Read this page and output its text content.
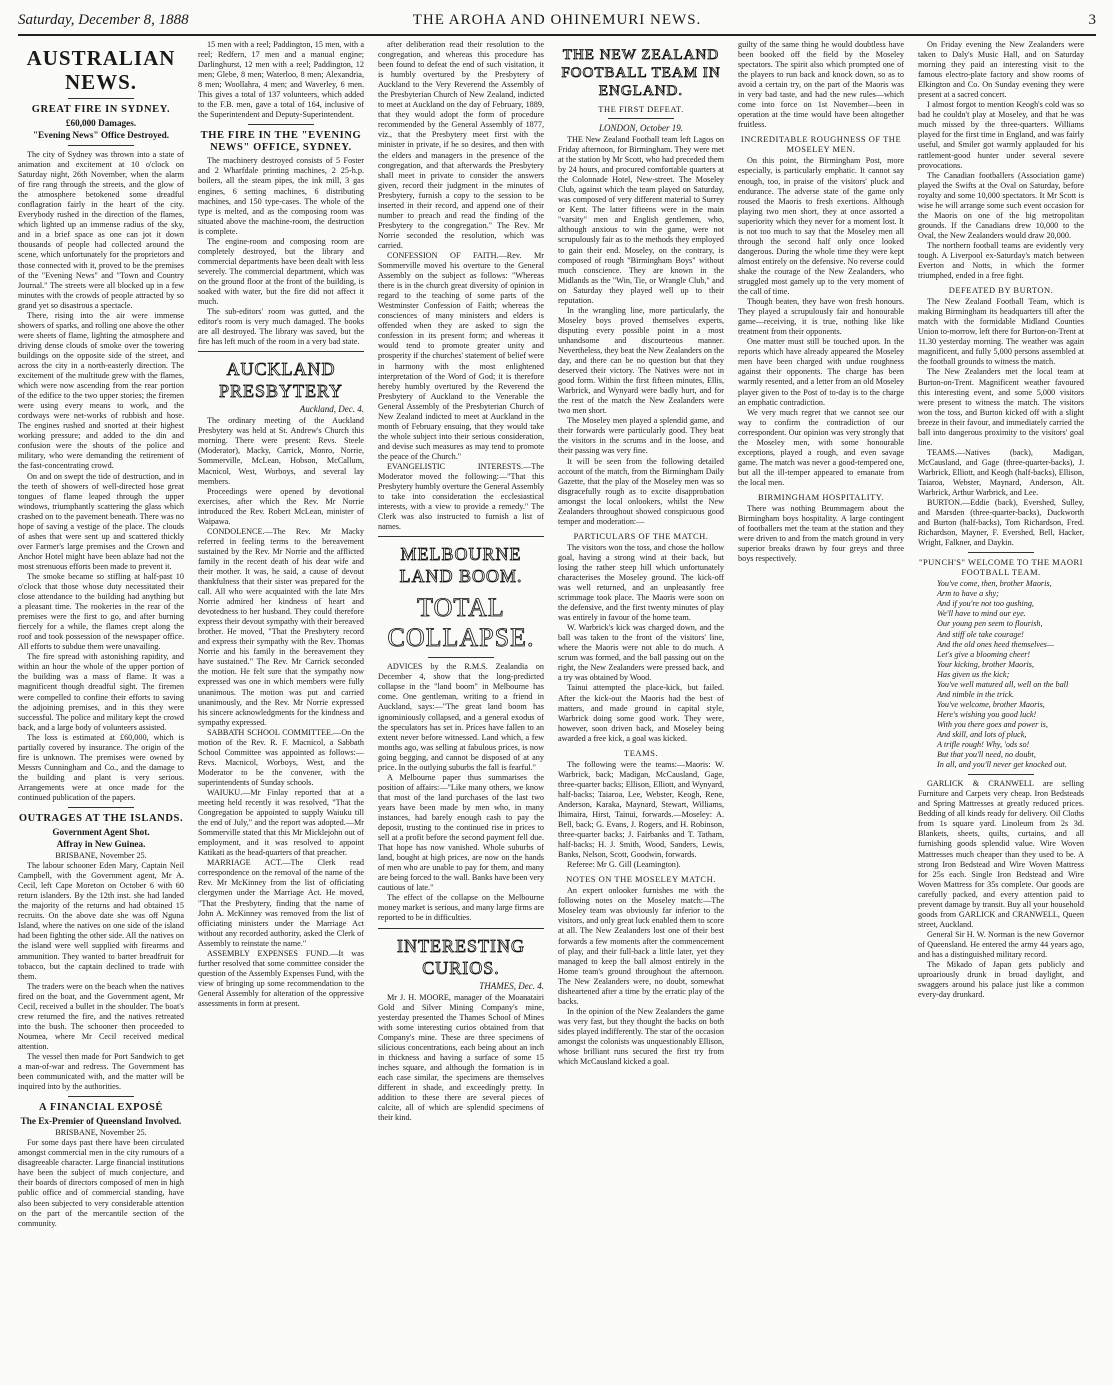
Saturday, December 8, 1888	THE AROHA AND OHINEMURI NEWS.	3
AUSTRALIAN NEWS.
GREAT FIRE IN SYDNEY.
£60,000 Damages.
"Evening News" Office Destroyed.

The city of Sydney was thrown into a state of animation and excitement at 10 o'clock on Saturday night, 26th November, when the alarm of fire rang through the streets, and the glow of the atmosphere betokened some dreadful conflagration fairly in the heart of the city. Everybody rushed in the direction of the flames, which lighted up an immense radius of the sky, and in a brief space as one can jot it down thousands of people had collected around the scene, which unfortunately for the proprietors and those connected with it, proved to be the premises of the "Evening News" and "Town and Country Journal." The streets were all blocked up in a few minutes with the crowds of people attracted by so grand yet so disastrous a spectacle.

There, rising into the air were immense showers of sparks, and rolling one above the other were sheets of flame, lighting the atmosphere and driving dense clouds of smoke over the towering buildings on the opposite side of the street, and across the city in a north-easterly direction. The excitement of the multitude grew with the flames, which were now ascending from the rear portion of the edifice to the two upper stories; the firemen were using every means to work, and the cordways were net-works of rubbish and hose. The engines rushed and snorted at their highest working pressure; and added to the din and confusion were the shouts of the police and military, who were demanding the retirement of the fast-concentrating crowd.

On and on swept the tide of destruction, and in the teeth of showers of well-directed hose great tongues of flame leaped through the upper windows, triumphantly scattering the glass which crashed on to the pavement beneath. There was no hope of saving a vestige of the place. The clouds of ashes that were sent up and scattered thickly over Farmer's large premises and the Crown and Anchor Hotel might have been ablaze had not the most strenuous efforts been made to prevent it.

The smoke became so stifling at half-past 10 o'clock that those whose duty necessitated their close attendance to the building had anything but a pleasant time. The rookeries in the rear of the premises were the first to go, and after burning fiercely for a while, the flames crept along the roof and took possession of the newspaper office. All efforts to subdue them were unavailing.

The fire spread with astonishing rapidity, and within an hour the whole of the upper portion of the building was a mass of flame. It was a magnificent though dreadful sight. The firemen were compelled to confine their efforts to saving the adjoining premises, and in this they were successful. The police and military kept the crowd back, and a large body of volunteers assisted.

The loss is estimated at £60,000, which is partially covered by insurance. The origin of the fire is unknown. The premises were owned by Messrs Cunningham and Co., and the damage to the building and plant is very serious. Arrangements were at once made for the continued publication of the papers.

OUTRAGES AT THE ISLANDS.
Government Agent Shot.
Affray in New Guinea.

BRISBANE, November 25.

The labour schooner Eden Mary, Captain Neil Campbell, with the Government agent, Mr A. Cecil, left Cape Moreton on October 6 with 60 return islanders. By the 12th inst. she had landed the majority of the returns and had obtained 15 recruits. On the above date she was off Nguna Island, where the natives on one side of the island had been fighting the other side. All the natives on the island were well supplied with firearms and ammunition. They wanted to barter breadfruit for tobacco, but the captain declined to trade with them.

The traders were on the beach when the natives fired on the boat, and the Government agent, Mr Cecil, received a bullet in the shoulder. The boat's crew returned the fire, and the natives retreated into the bush. The schooner then proceeded to Noumea, where Mr Cecil received medical attention.

The vessel then made for Port Sandwich to get a man-of-war and redress. The Government has been communicated with, and the matter will be inquired into by the authorities.

A FINANCIAL EXPOSÉ
The Ex-Premier of Queensland Involved.

BRISBANE, November 25.

For some days past there have been circulated amongst commercial men in the city rumours of a disagreeable character. Large financial institutions have been the subject of much conjecture, and their boards of directors composed of men in high public office and of commercial standing, have also been subjected to very considerable attention on the part of the mercantile section of the community.

15 men with a reel; Paddington, 15 men, with a reel; Redfern, 17 men and a manual engine; Darlinghurst, 12 men with a reel; Paddington, 12 men; Glebe, 8 men; Waterloo, 8 men; Alexandria, 8 men; Woollahra, 4 men; and Waverley, 6 men. This gives a total of 137 volunteers, which added to the F.B. men, gave a total of 164, inclusive of the Superintendent and Deputy-Superintendent.

THE FIRE IN THE "EVENING NEWS" OFFICE, SYDNEY.

The machinery destroyed consists of 5 Foster and 2 Wharfdale printing machines, 2 25-h.p. boilers, all the steam pipes, the ink mill, 3 gas engines, 6 setting machines, 6 distributing machines, and 150 type-cases. The whole of the type is melted, and as the composing room was situated above the machine-room, the destruction is complete.

The engine-room and composing room are completely destroyed, but the library and commercial departments have been dealt with less severely. The commercial department, which was on the ground floor at the front of the building, is soaked with water, but the fire did not affect it much.

The sub-editors' room was gutted, and the editor's room is very much damaged. The books are all destroyed. The library was saved, but the fire has left much of the room in a very bad state.

AUCKLAND PRESBYTERY
Auckland, Dec. 4.

The ordinary meeting of the Auckland Presbytery was held at St. Andrew's Church this morning. There were present: Revs. Steele (Moderator), Macky, Carrick, Monro, Norrie, Sommerville, McLean, Hobson, McCallum, Macnicol, West, Worboys, and several lay members.

Proceedings were opened by devotional exercises, after which the Rev. Mr Norrie introduced the Rev. Robert McLean, minister of Waipawa.

CONDOLENCE.—The Rev. Mr Macky referred in feeling terms to the bereavement sustained by the Rev. Mr Norrie and the afflicted family in the recent death of his dear wife and their mother. It was, he said, a cause of devout thankfulness that their sister was prepared for the call. All who were acquainted with the late Mrs Norrie admired her kindness of heart and devotedness to her husband. They could therefore express their devout sympathy with their bereaved brother. He moved, "That the Presbytery record and express their sympathy with the Rev. Thomas Norrie and his family in the bereavement they have sustained." The Rev. Mr Carrick seconded the motion. He felt sure that the sympathy now expressed was one in which members were fully unanimous. The motion was put and carried unanimously, and the Rev. Mr Norrie expressed his sincere acknowledgments for the kindness and sympathy expressed.

SABBATH SCHOOL COMMITTEE.—On the motion of the Rev. R. F. Macnicol, a Sabbath School Committee was appointed as follows:—Revs. Macnicol, Worboys, West, and the Moderator to be the convener, with the superintendents of Sunday schools.

WAIUKU.—Mr Finlay reported that at a meeting held recently it was resolved, "That the Congregation be appointed to supply Waiuku till the end of July," and the report was adopted.—Mr Sommerville stated that this Mr Micklejohn out of employment, and it was resolved to appoint Katikati as the head-quarters of that preacher.

MARRIAGE ACT.—The Clerk read correspondence on the removal of the name of the Rev. Mr McKinney from the list of officiating clergymen under the Marriage Act. He moved, "That the Presbytery, finding that the name of John A. McKinney was removed from the list of officiating ministers under the Marriage Act without any recorded authority, asked the Clerk of Assembly to reinstate the name."

ASSEMBLY EXPENSES FUND.—It was further resolved that some committee consider the question of the Assembly Expenses Fund, with the view of bringing up some recommendation to the General Assembly for alteration of the oppressive assessments in form at present.

after deliberation read their resolution to the congregation, and whereas this procedure has been found to defeat the end of such visitation, it is humbly overtured by the Presbytery of Auckland to the Very Reverend the Assembly of the Presbyterian Church of New Zealand, indicted to meet at Auckland on the day of February, 1889, that they would adopt the form of procedure recommended by the General Assembly of 1877, viz., that the Presbytery meet first with the minister in private, if he so desires, and then with the elders and managers in the presence of the congregation, and that afterwards the Presbytery shall meet in private to consider the answers given, record their judgment in the minutes of Presbytery, furnish a copy to the session to be inserted in their record, and append one of their number to preach and read the finding of the Presbytery to the congregation." The Rev. Mr Norrie seconded the resolution, which was carried.

CONFESSION OF FAITH.—Rev. Mr Sommerville moved his overture to the General Assembly on the subject as follows: "Whereas there is in the church great diversity of opinion in regard to the teaching of some parts of the Westminster Confession of Faith; whereas the consciences of many ministers and elders is offended when they are asked to sign the confession in its present form; and whereas it would tend to promote greater unity and prosperity if the churches' statement of belief were in harmony with the most enlightened interpretation of the Word of God; it is therefore hereby humbly overtured by the Reverend the Presbytery of Auckland to the Venerable the General Assembly of the Presbyterian Church of New Zealand indicted to meet at Auckland in the month of February ensuing, that they would take the whole subject into their serious consideration, and devise such measures as may tend to promote the peace of the Church."

EVANGELISTIC INTERESTS.—The Moderator moved the following:—"That this Presbytery humbly overture the General Assembly to take into consideration the ecclesiastical interests, with a view to provide a remedy." The Clerk was also instructed to furnish a list of names.

MELBOURNE LAND BOOM.
TOTAL COLLAPSE.

ADVICES by the R.M.S. Zealandia on December 4, show that the long-predicted collapse in the "land boom" in Melbourne has come. One gentleman, writing to a friend in Auckland, says:—"The great land boom has ignominiously collapsed, and a general exodus of the speculators has set in. Prices have fallen to an extent never before witnessed. Land which, a few months ago, was selling at fabulous prices, is now going begging, and cannot be disposed of at any price. In the outlying suburbs the fall is fearful."

A Melbourne paper thus summarises the position of affairs:—"Like many others, we know that most of the land purchases of the last two years have been made by men who, in many instances, had barely enough cash to pay the deposit, trusting to the continued rise in prices to sell at a profit before the second payment fell due. That hope has now vanished. Whole suburbs of land, bought at high prices, are now on the hands of men who are unable to pay for them, and many are being forced to the wall. Banks have been very cautious of late."

The effect of the collapse on the Melbourne money market is serious, and many large firms are reported to be in difficulties.

INTERESTING CURIOS.
THAMES, Dec. 4.

Mr J. H. MOORE, manager of the Moanatairi Gold and Silver Mining Company's mine, yesterday presented the Thames School of Mines with some interesting curios obtained from that Company's mine. These are three specimens of silicious concentrations, each being about an inch in thickness and having a surface of some 15 inches square, and although the formation is in each case similar, the specimens are themselves different in shade, and exceedingly pretty. In addition to these there are several pieces of calcite, all of which are splendid specimens of their kind.

THE NEW ZEALAND FOOTBALL TEAM IN ENGLAND.
THE FIRST DEFEAT.
LONDON, October 19.

THE New Zealand Football team left Lagos on Friday afternoon, for Birmingham. They were met at the station by Mr Scott, who had preceded them by 24 hours, and procured comfortable quarters at the Colonnade Hotel, New-street. The Moseley Club, against which the team played on Saturday, was composed of very different material to Surrey or Kent. The latter fifteens were in the main "varsity" men and English gentlemen, who, although anxious to win the game, were not scrupulously fair as to the methods they employed to gain their end. Moseley, on the contrary, is composed of rough "Birmingham Boys" without much conscience. They are known in the Midlands as the "Win, Tie, or Wrangle Club," and on Saturday they played well up to their reputation.

In the wrangling line, more particularly, the Moseley boys proved themselves experts, disputing every possible point in a most unhandsome and discourteous manner. Nevertheless, they beat the New Zealanders on the day, and there can be no question but that they deserved their victory. The Natives were not in good form. Within the first fifteen minutes, Ellis, Warbrick, and Wynyard were badly hurt, and for the rest of the match the New Zealanders were two men short.

The Moseley men played a splendid game, and their forwards were particularly good. They beat the visitors in the scrums and in the loose, and their passing was very fine.

It will be seen from the following detailed account of the match, from the Birmingham Daily Gazette, that the play of the Moseley men was so disgracefully rough as to excite disapprobation amongst the local onlookers, whilst the New Zealanders throughout showed conspicuous good temper and moderation:—

PARTICULARS OF THE MATCH.

The visitors won the toss, and chose the hollow goal, having a strong wind at their back, but losing the rather steep hill which unfortunately characterises the Moseley ground. The kick-off was well returned, and an unpleasantly free scrimmage took place. The Maoris were soon on the defensive, and the first twenty minutes of play was entirely in favour of the home team.

W. Warbrick's kick was charged down, and the ball was taken to the front of the visitors' line, where the Maoris were not able to do much. A scrum was formed, and the ball passing out on the right, the New Zealanders were pressed back, and a try was obtained by Wood.

Tainui attempted the place-kick, but failed. After the kick-out the Maoris had the best of matters, and made ground in capital style, Warbrick doing some good work. They were, however, soon driven back, and Moseley being awarded a free kick, a goal was kicked.

TEAMS.

The following were the teams:—Maoris: W. Warbrick, back; Madigan, McCausland, Gage, three-quarter backs; Ellison, Elliott, and Wynyard, half-backs; Taiaroa, Lee, Webster, Keogh, Rene, Anderson, Karaka, Maynard, Stewart, Williams, Ihimaira, Hirst, Tainui, forwards.—Moseley: A. Bell, back; G. Evans, J. Rogers, and H. Robinson, three-quarter backs; J. Fairbanks and T. Tatham, half-backs; H. J. Smith, Wood, Sanders, Lewis, Banks, Nelson, Scott, Goodwin, forwards.

Referee: Mr G. Gill (Leamington).

NOTES ON THE MOSELEY MATCH.

An expert onlooker furnishes me with the following notes on the Moseley match:—The Moseley team was obviously far inferior to the visitors, and only great luck enabled them to score at all. The New Zealanders lost one of their best forwards a few moments after the commencement of play, and their full-back a little later, yet they managed to keep the ball almost entirely in the Home team's ground throughout the afternoon. The New Zealanders were, no doubt, somewhat disheartened after a time by the erratic play of the backs.

In the opinion of the New Zealanders the game was very fast, but they thought the backs on both sides played indifferently. The star of the occasion amongst the colonists was unquestionably Ellison, whose brilliant runs secured the first try from which McCausland kicked a goal.

guilty of the same thing he would doubtless have been booked off the field by the Moseley spectators. The spirit also which prompted one of the players to run back and knock down, so as to avoid a certain try, on the part of the Maoris was in very bad taste, and had the new rules—which come into force on 1st November—been in operation at the time would have been altogether fruitless.

INCREDITABLE ROUGHNESS OF THE MOSELEY MEN.

On this point, the Birmingham Post, more especially, is particularly emphatic. It cannot say enough, too, in praise of the visitors' pluck and endurance. The adverse state of the game only roused the Maoris to fresh exertions. Although playing two men short, they at once assorted a superiority which they never for a moment lost. It is not too much to say that the Moseley men all through the second half only once looked dangerous. During the whole time they were kept almost entirely on the defensive. No reverse could shake the courage of the New Zealanders, who struggled most gamely up to the very moment of the call of time.

Though beaten, they have won fresh honours. They played a scrupulously fair and honourable game—receiving, it is true, nothing like like treatment from their opponents.

One matter must still be touched upon. In the reports which have already appeared the Moseley men have been charged with undue roughness against their opponents. The charge has been warmly resented, and a letter from an old Moseley player given to the Post of to-day is to the charge an emphatic contradiction.

We very much regret that we cannot see our way to confirm the contradiction of our correspondent. Our opinion was very strongly that the Moseley men, with some honourable exceptions, played a rough, and even savage game. The match was never a good-tempered one, but all the ill-temper appeared to emanate from the local men.

BIRMINGHAM HOSPITALITY.

There was nothing Brummagem about the Birmingham boys hospitality. A large contingent of footballers met the team at the station and they were driven to and from the match ground in very superior breaks drawn by four greys and three boys respectively.

On Friday evening the New Zealanders were taken to Daly's Music Hall, and on Saturday morning they paid an interesting visit to the famous electro-plate factory and show rooms of Elkington and Co. On Sunday evening they were present at a sacred concert.

I almost forgot to mention Keogh's cold was so bad he couldn't play at Moseley, and that he was much missed by the three-quarters. Williams played for the first time in England, and was fairly useful, and Smiler got warmly applauded for his rattlement-good hunter under several severe provocations.

The Canadian footballers (Association game) played the Swifts at the Oval on Saturday, before royalty and some 10,000 spectators. It Mr Scott is wise he will arrange some such event occasion for the Maoris on one of the big metropolitan grounds. If the Canadians drew 10,000 to the Oval, the New Zealanders would draw 20,000.

The northern football teams are evidently very tough. A Liverpool ex-Saturday's match between Everton and Notts, in which the former triumphed, ended in a free fight.

DEFEATED BY BURTON.

The New Zealand Football Team, which is making Birmingham its headquarters till after the match with the formidable Midland Counties Union to-morrow, left there for Burton-on-Trent at 11.30 yesterday morning. The weather was again magnificent, and fully 5,000 persons assembled at the football grounds to witness the match.

The New Zealanders met the local team at Burton-on-Trent. Magnificent weather favoured this interesting event, and some 5,000 visitors were present to witness the match. The visitors won the toss, and Burton kicked off with a slight breeze in their favour, and immediately carried the ball into dangerous proximity to the visitors' goal line.

TEAMS.—Natives (back), Madigan, McCausland, and Gage (three-quarter-backs), J. Warbrick, Elliott, and Keogh (half-backs), Ellison, Taiaroa, Webster, Maynard, Anderson, Alt. Warbrick, Arthur Warbrick, and Lee.

BURTON.—Eddie (back), Evershed, Sulley, and Marsden (three-quarter-backs), Duckworth and Burton (half-backs), Tom Richardson, Fred. Richardson, Mayner, F. Evershed, Bell, Hacker, Wright, Falkner, and Daykin.

"PUNCH'S" WELCOME TO THE MAORI FOOTBALL TEAM.

You've come, then, brother Maoris,

Arm to have a shy;

And if you're not too gushing,

We'll have to mind our eye.

Our young pen seem to flourish,

And stiff ole take courage!

And the old ones heed themselves—

Let's give a blooming cheer!

Your kicking, brother Maoris,

Has given us the kick;

You've well matured all, well on the ball

And nimble in the trick.

You've welcome, brother Maoris,

Here's wishing you good luck!

With you there goes and power is,

And skill, and lots of pluck,

A trifle rough! Why, 'ods so!

But that you'll need, no doubt,

In all, and you'll never get knocked out.

GARLICK & CRANWELL are selling Furniture and Carpets very cheap. Iron Bedsteads and Spring Mattresses at greatly reduced prices. Bedding of all kinds ready for delivery. Oil Cloths from 1s square yard. Linoleum from 2s 3d. Blankets, sheets, quilts, curtains, and all furnishing goods splendid value. Wire Woven Mattresses much cheaper than they used to be. A strong Iron Bedstead and Wire Woven Mattress for 25s each. Single Iron Bedstead and Wire Woven Mattress for 35s complete. Our goods are carefully packed, and every attention paid to prevent damage by transit. Buy all your household goods from GARLICK and CRANWELL, Queen street, Auckland.

General Sir H. W. Norman is the new Governor of Queensland. He entered the army 44 years ago, and has a distinguished military record.

The Mikado of Japan gets publicly and uproariously drunk in broad daylight, and swaggers around his palace just like a common every-day drunkard.
